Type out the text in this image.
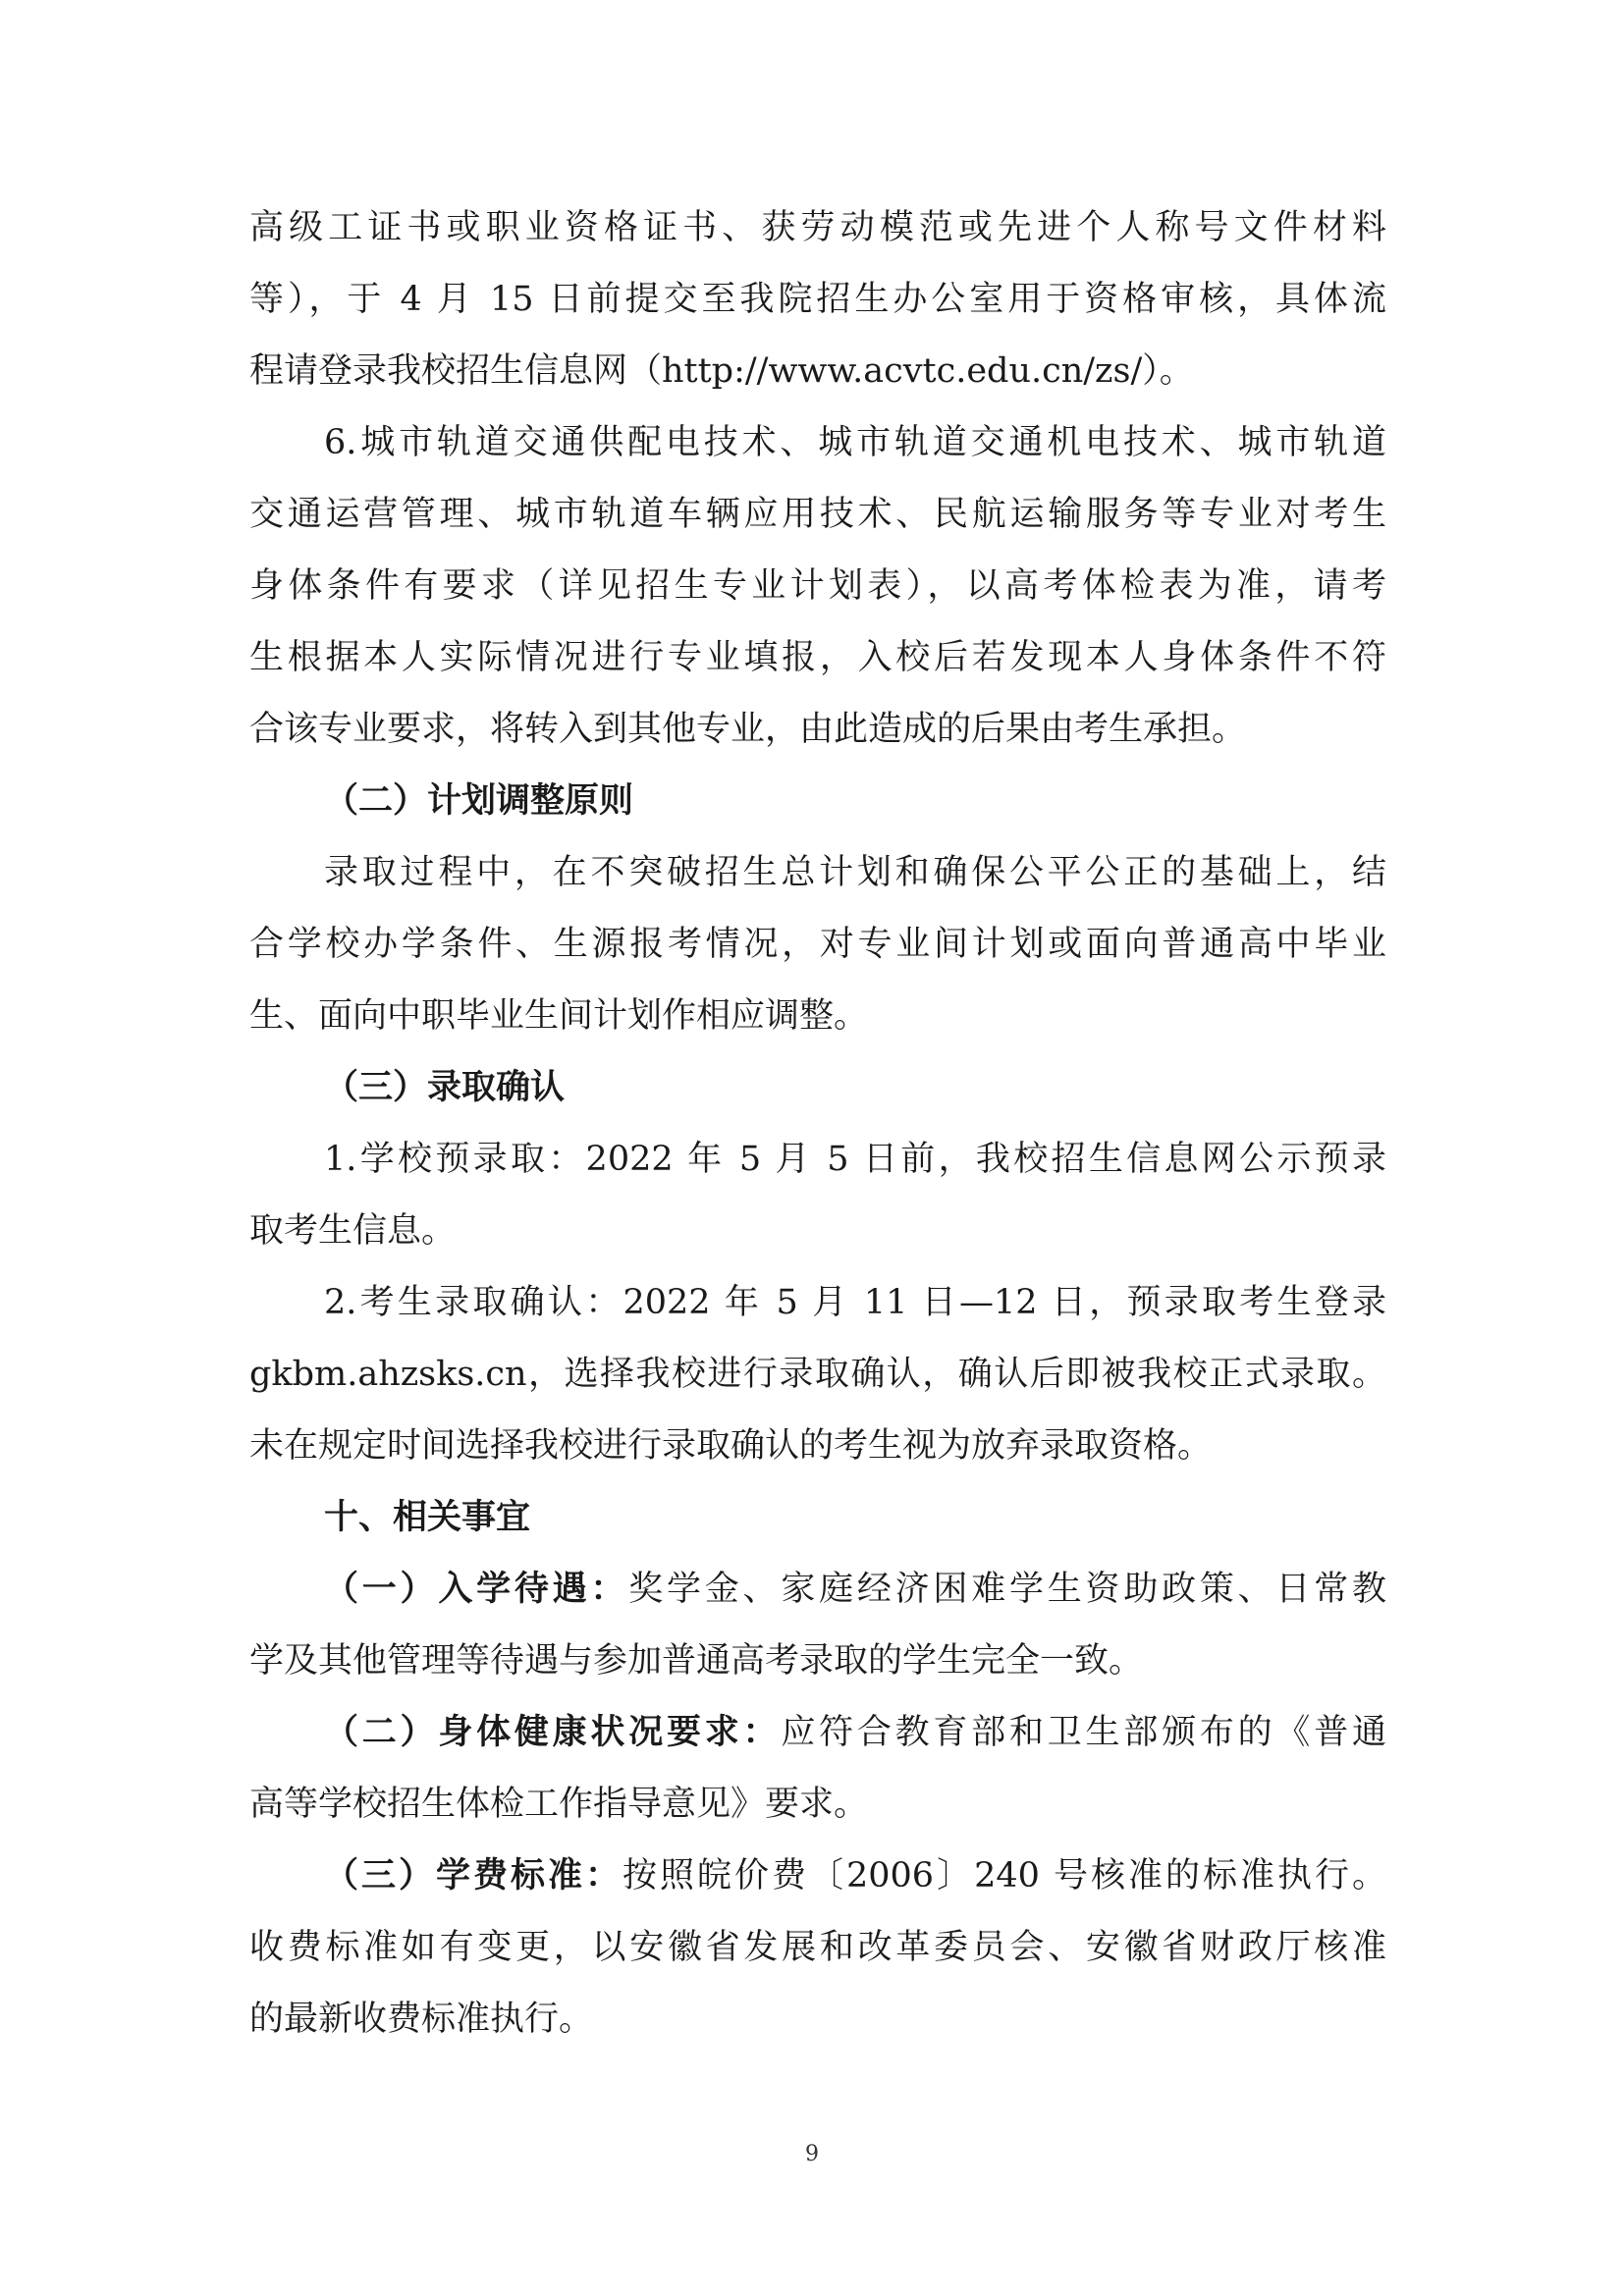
高级工证书或职业资格证书、获劳动模范或先进个人称号文件材料
等），于 4 月 15 日前提交至我院招生办公室用于资格审核，具体流
程请登录我校招生信息网（http://www.acvtc.edu.cn/zs/）。
6.城市轨道交通供配电技术、城市轨道交通机电技术、城市轨道
交通运营管理、城市轨道车辆应用技术、民航运输服务等专业对考生
身体条件有要求（详见招生专业计划表），以高考体检表为准，请考
生根据本人实际情况进行专业填报，入校后若发现本人身体条件不符
合该专业要求，将转入到其他专业，由此造成的后果由考生承担。
（二）计划调整原则
录取过程中，在不突破招生总计划和确保公平公正的基础上，结
合学校办学条件、生源报考情况，对专业间计划或面向普通高中毕业
生、面向中职毕业生间计划作相应调整。
（三）录取确认
1.学校预录取：2022 年 5 月 5 日前，我校招生信息网公示预录
取考生信息。
2.考生录取确认：2022 年 5 月 11 日—12 日，预录取考生登录
gkbm.ahzsks.cn，选择我校进行录取确认，确认后即被我校正式录取。
未在规定时间选择我校进行录取确认的考生视为放弃录取资格。
十、相关事宜
（一）入学待遇：奖学金、家庭经济困难学生资助政策、日常教
学及其他管理等待遇与参加普通高考录取的学生完全一致。
（二）身体健康状况要求：应符合教育部和卫生部颁布的《普通
高等学校招生体检工作指导意见》要求。
（三）学费标准：按照皖价费〔2006〕240 号核准的标准执行。
收费标准如有变更，以安徽省发展和改革委员会、安徽省财政厅核准
的最新收费标准执行。
9
